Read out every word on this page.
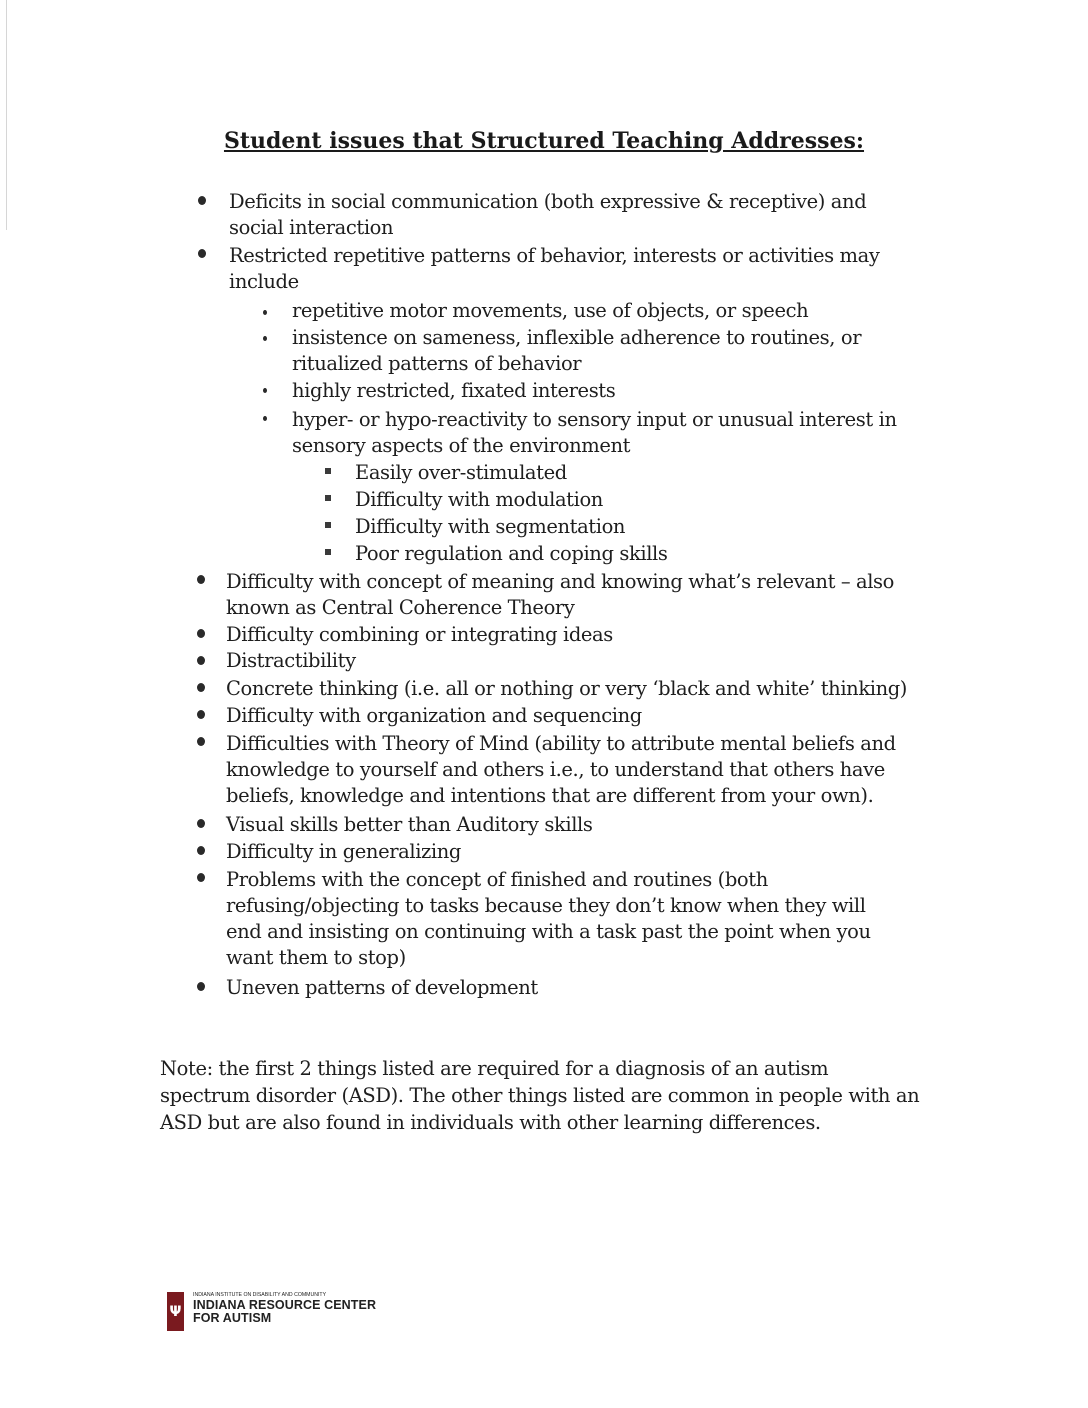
Student issues that Structured Teaching Addresses:
Deficits in social communication (both expressive & receptive) and social interaction
Restricted repetitive patterns of behavior, interests or activities may include
repetitive motor movements, use of objects, or speech
insistence on sameness, inflexible adherence to routines, or ritualized patterns of behavior
highly restricted, fixated interests
hyper- or hypo-reactivity to sensory input or unusual interest in sensory aspects of the environment
Easily over-stimulated
Difficulty with modulation
Difficulty with segmentation
Poor regulation and coping skills
Difficulty with concept of meaning and knowing what’s relevant – also known as Central Coherence Theory
Difficulty combining or integrating ideas
Distractibility
Concrete thinking (i.e. all or nothing or very ‘black and white’ thinking)
Difficulty with organization and sequencing
Difficulties with Theory of Mind (ability to attribute mental beliefs and knowledge to yourself and others i.e., to understand that others have beliefs, knowledge and intentions that are different from your own).
Visual skills better than Auditory skills
Difficulty in generalizing
Problems with the concept of finished and routines (both refusing/objecting to tasks because they don’t know when they will end and insisting on continuing with a task past the point when you want them to stop)
Uneven patterns of development
Note: the first 2 things listed are required for a diagnosis of an autism spectrum disorder (ASD). The other things listed are common in people with an ASD but are also found in individuals with other learning differences.
Ψ
INDIANA INSTITUTE ON DISABILITY AND COMMUNITY
INDIANA RESOURCE CENTER
FOR AUTISM
